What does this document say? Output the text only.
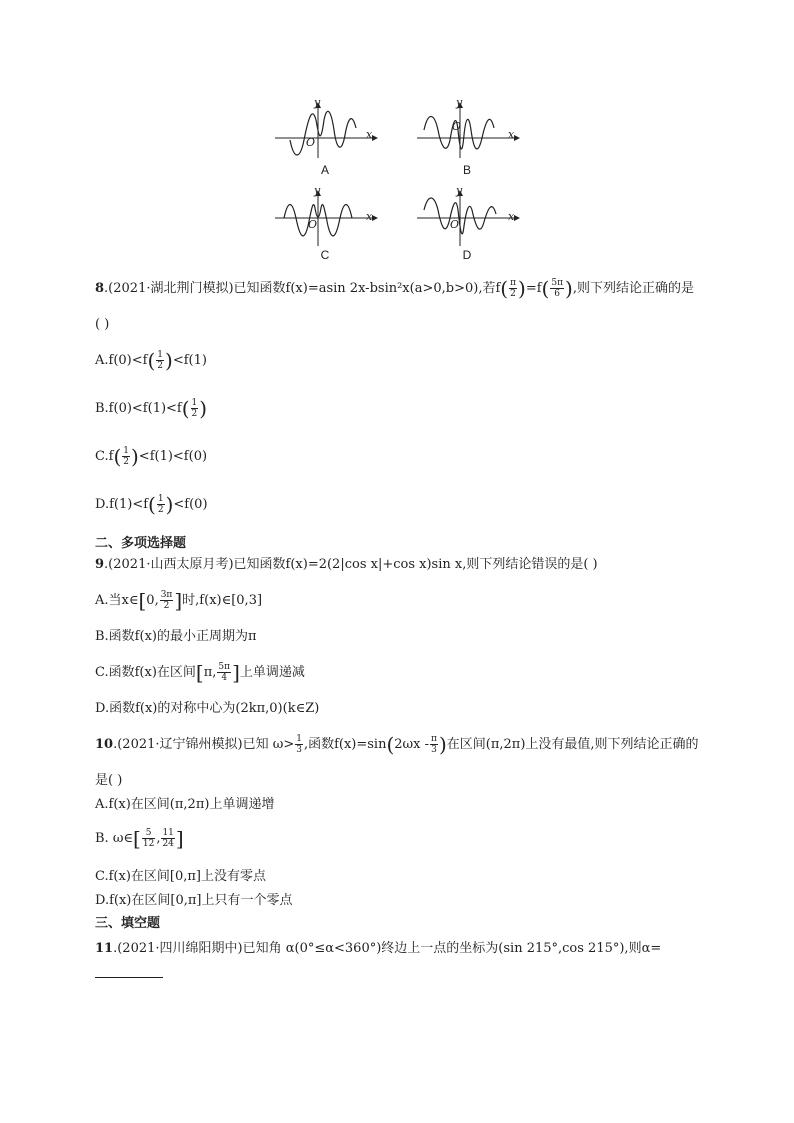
y
O
x
A
y
O
x
B
y
O
x
C
y
O
x
D
8.(2021·湖北荆门模拟)已知函数f(x)=asin 2x-bsin²x(a>0,b>0),若$f( \frac{\pi}{2} )=f( \frac{5\pi}{6}$ ),则下列结论正确的是
( )
$A.f(0)<f( \frac{1}{2} )<f(1)$
$B.f(0)<f(1)<f( \frac{1}{2}$ )
$C.f( \frac{1}{2} )<f(1)<f(0)$
$D.f(1)<f( \frac{1}{2} )<f(0)$
二、多项选择题
9.(2021·山西太原月考)已知函数f(x)=2(2|cos x|+cos x)sin x,则下列结论错误的是( )
A.当x∈[0, $\frac{3\pi}{2}$ ]时,f(x)∈[0,3]
B.函数f(x)的最小正周期为π
C.函数f(x)在区间[π, $\frac{5\pi}{4}$ ]上单调递减
D.函数f(x)的对称中心为(2kπ,0)(k∈Z)
10.(2021·辽宁锦州模拟)已知 $\omega> \frac{1}{3}$ ,函数$f(x)=\sin(2\omega x - \frac{\pi}{3}$ )在区间(π,2π)上没有最值,则下列结论正确的
是( )
A.f(x)在区间(π,2π)上单调递增
B. ω∈[ $\frac{5}{12}$ , $\frac{11}{24}$ ]
C.f(x)在区间[0,π]上没有零点
D.f(x)在区间[0,π]上只有一个零点
三、填空题
11.(2021·四川绵阳期中)已知角 α(0°≤α<360°)终边上一点的坐标为(sin 215°,cos 215°),则α=
